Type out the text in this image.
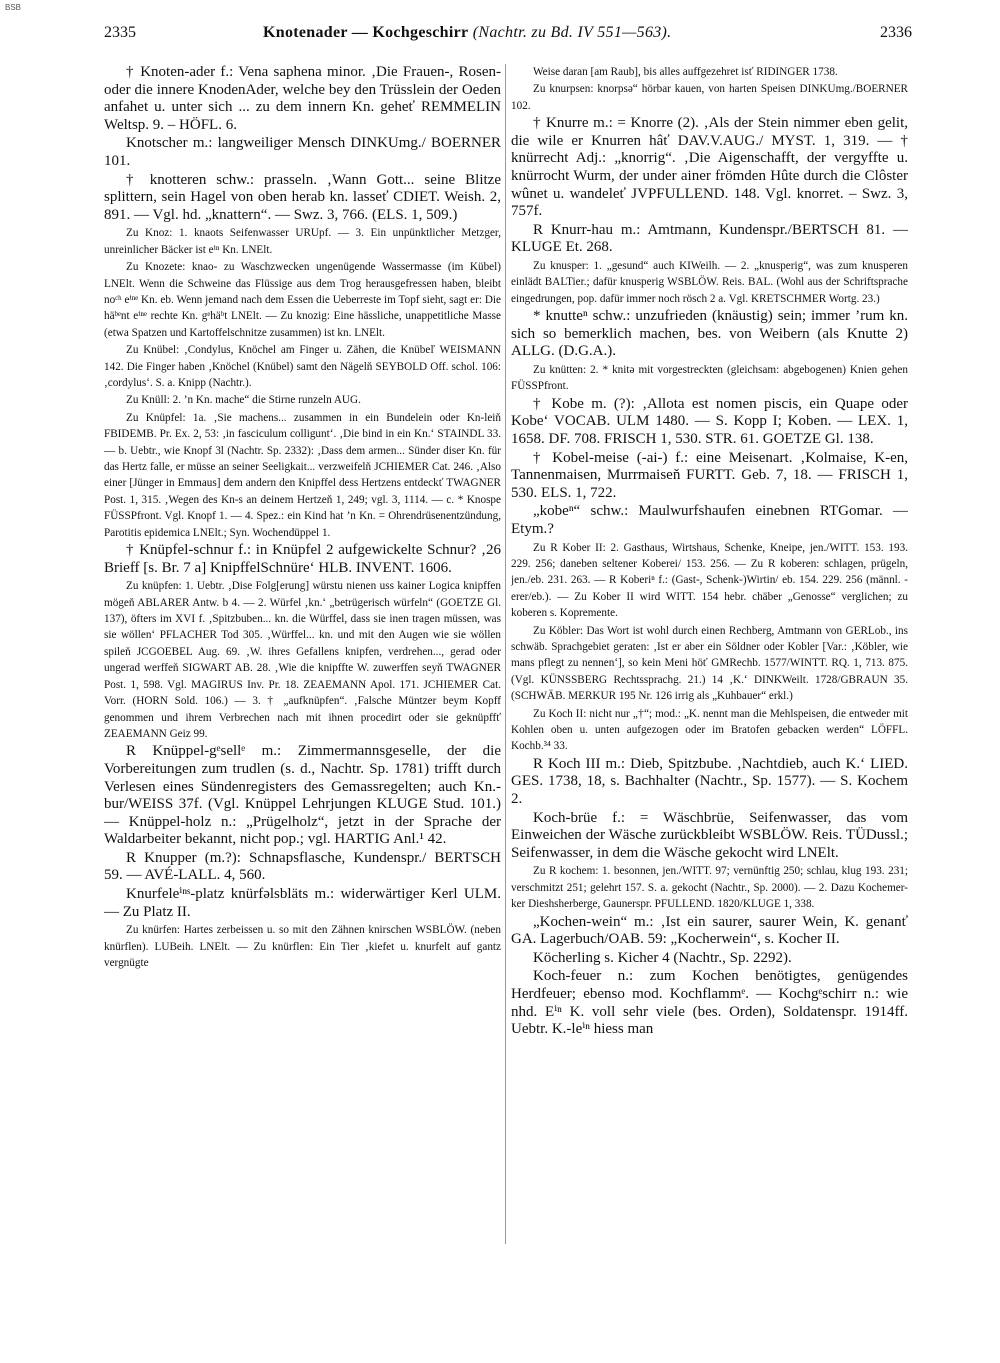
BSB
2335	Knotenader — Kochgeschirr (Nachtr. zu Bd. IV 551—563).	2336

† Knoten-ader f.: Vena saphena minor. ‚Die Frauen-, Rosen- oder die innere KnodenAder, welche bey den Trüsslein der Oeden anfahet u. unter sich ... zu dem innern Kn. geheť REMMELIN Weltsp. 9. – HÖFL. 6.

Knotscher m.: langweiliger Mensch DINKUmg./ BOERNER 101.

† knotteren schw.: prasseln. ‚Wann Gott... seine Blitze splittern, sein Hagel von oben herab kn. lasseť CDIET. Weish. 2, 891. — Vgl. hd. „knattern“. — Swz. 3, 766. (ELS. 1, 509.)

Zu Knoz: 1. knaots Seifenwasser URUpf. — 3. Ein unpünktlicher Metzger, unreinlicher Bäcker ist eⁱⁿ Kn. LNElt.

Zu Knozete: knao- zu Waschzwecken ungenügende Wassermasse (im Kübel) LNElt. Wenn die Schweine das Flüssige aus dem Trog herausgefressen haben, bleibt noᶜʰ eⁱⁿᵉ Kn. eb. Wenn jemand nach dem Essen die Ueberreste im Topf sieht, sagt er: Die häᵇᵉnt eⁱⁿᵉ rechte Kn. gᵉhäᵇt LNElt. — Zu knozig: Eine hässliche, unappetitliche Masse (etwa Spatzen und Kartoffelschnitze zusammen) ist kn. LNElt.

Zu Knübel: ‚Condylus, Knöchel am Finger u. Zähen, die Knübeľ WEISMANN 142. Die Finger haben ‚Knöchel (Knübel) samt den Nägelň SEYBOLD Off. schol. 106: ‚cordylus‘. S. a. Knipp (Nachtr.).

Zu Knüll: 2. ’n Kn. mache“ die Stirne runzeln AUG.

Zu Knüpfel: 1a. ‚Sie machens... zusammen in ein Bundelein oder Kn-leiň FBIDEMB. Pr. Ex. 2, 53: ‚in fasciculum colligunt‘. ‚Die bind in ein Kn.‘ STAINDL 33. — b. Uebtr., wie Knopf 3l (Nachtr. Sp. 2332): ‚Dass dem armen... Sünder diser Kn. für das Hertz falle, er müsse an seiner Seeligkait... verzweifelň JCHIEMER Cat. 246. ‚Also einer [Jünger in Emmaus] dem andern den Knipffel dess Hertzens entdeckť TWAGNER Post. 1, 315. ‚Wegen des Kn-s an deinem Hertzeň 1, 249; vgl. 3, 1114. — c. * Knospe FÜSSPfront. Vgl. Knopf 1. — 4. Spez.: ein Kind hat ’n Kn. = Ohrendrüsenentzündung, Parotitis epidemica LNElt.; Syn. Wochendüppel 1.

† Knüpfel-schnur f.: in Knüpfel 2 aufgewickelte Schnur? ‚26 Brieff [s. Br. 7 a] KnipffelSchnüre‘ HLB. INVENT. 1606.

Zu knüpfen: 1. Uebtr. ‚Dise Folg[erung] würstu nienen uss kainer Logica knipffen mögeň ABLARER Antw. b 4. — 2. Würfel ‚kn.‘ „betrügerisch würfeln“ (GOETZE Gl. 137), öfters im XVI f. ‚Spitzbuben... kn. die Würffel, dass sie inen tragen müssen, was sie wöllen‘ PFLACHER Tod 305. ‚Würffel... kn. und mit den Augen wie sie wöllen spileň JCGOEBEL Aug. 69. ‚W. ihres Gefallens knipfen, verdrehen..., gerad oder ungerad werffeň SIGWART AB. 28. ‚Wie die knipffte W. zuwerffen seyň TWAGNER Post. 1, 598. Vgl. MAGIRUS Inv. Pr. 18. ZEAEMANN Apol. 171. JCHIEMER Cat. Vorr. (HORN Sold. 106.) — 3. † „aufknüpfen“. ‚Falsche Müntzer beym Kopff genommen und ihrem Verbrechen nach mit ihnen procedirt oder sie geknüpffť ZEAEMANN Geiz 99.

R Knüppel-gᵉsellᵉ m.: Zimmermannsgeselle, der die Vorbereitungen zum trudlen (s. d., Nachtr. Sp. 1781) trifft durch Verlesen eines Sündenregisters des Gemassregelten; auch Kn.-bur/WEISS 37f. (Vgl. Knüppel Lehrjungen KLUGE Stud. 101.) — Knüppel-holz n.: „Prügelholz“, jetzt in der Sprache der Waldarbeiter bekannt, nicht pop.; vgl. HARTIG Anl.¹ 42.

R Knupper (m.?): Schnapsflasche, Kundenspr./ BERTSCH 59. — AVÉ-LALL. 4, 560.

Knurfeleⁱⁿˢ-platz knürfəlsbläts m.: widerwärtiger Kerl ULM. — Zu Platz II.

Zu knürfen: Hartes zerbeissen u. so mit den Zähnen knirschen WSBLÖW. (neben knürflen). LUBeih. LNElt. — Zu knürflen: Ein Tier ‚kiefet u. knurfelt auf gantz vergnügte

Weise daran [am Raub], bis alles auffgezehret isť RIDINGER 1738.

Zu knurpsen: knorpsə“ hörbar kauen, von harten Speisen DINKUmg./BOERNER 102.

† Knurre m.: = Knorre (2). ‚Als der Stein nimmer eben gelit, die wile er Knurren hâť DAV.V.AUG./ MYST. 1, 319. — † knürrecht Adj.: „knorrig“. ‚Die Aigenschafft, der vergyffte u. knürrocht Wurm, der under ainer frömden Hûte durch die Clôster wûnet u. wandeleť JVPFULLEND. 148. Vgl. knorret. – Swz. 3, 757f.

R Knurr-hau m.: Amtmann, Kundenspr./BERTSCH 81. — KLUGE Et. 268.

Zu knusper: 1. „gesund“ auch KIWeilh. — 2. „knusperig“, was zum knusperen einlädt BALTier.; dafür knusperig WSBLÖW. Reis. BAL. (Wohl aus der Schriftsprache eingedrungen, pop. dafür immer noch rösch 2 a. Vgl. KRETSCHMER Wortg. 23.)

* knuttеⁿ schw.: unzufrieden (knäustig) sein; immer ’rum kn. sich so bemerklich machen, bes. von Weibern (als Knutte 2) ALLG. (D.G.A.).

Zu knütten: 2. * knitə mit vorgestreckten (gleichsam: abgebogenen) Knien gehen FÜSSPfront.

† Kobe m. (?): ‚Allota est nomen piscis, ein Quape oder Kobe‘ VOCAB. ULM 1480. — S. Kopp I; Koben. — LEX. 1, 1658. DF. 708. FRISCH 1, 530. STR. 61. GOETZE Gl. 138.

† Kobel-meise (-ai-) f.: eine Meisenart. ‚Kolmaise, K-en, Tannenmaisen, Murrmaiseň FURTT. Geb. 7, 18. — FRISCH 1, 530. ELS. 1, 722.

„kobeⁿ“ schw.: Maulwurfshaufen einebnen RTGomar. — Etym.?

Zu R Kober II: 2. Gasthaus, Wirtshaus, Schenke, Kneipe, jen./WITT. 153. 193. 229. 256; daneben seltener Koberei/ 153. 256. — Zu R koberen: schlagen, prügeln, jen./eb. 231. 263. — R Koberiⁿ f.: (Gast-, Schenk-)Wirtin/ eb. 154. 229. 256 (männl. -erer/eb.). — Zu Kober II wird WITT. 154 hebr. chäber „Genosse“ verglichen; zu koberen s. Kopremente.

Zu Köbler: Das Wort ist wohl durch einen Rechberg, Amtmann von GERLob., ins schwäb. Sprachgebiet geraten: ‚Ist er aber ein Söldner oder Kobler [Var.: ‚Köbler, wie mans pflegt zu nennen‘], so kein Meni höť GMRechb. 1577/WINTT. RQ. 1, 713. 875. (Vgl. KÜNSSBERG Rechtssprachg. 21.) 14 ‚K.‘ DINKWeilt. 1728/GBRAUN 35. (SCHWÄB. MERKUR 195 Nr. 126 irrig als „Kuhbauer“ erkl.)

Zu Koch II: nicht nur „†“; mod.: „K. nennt man die Mehlspeisen, die entweder mit Kohlen oben u. unten aufgezogen oder im Bratofen gebacken werden“ LÖFFL. Kochb.³⁴ 33.

R Koch III m.: Dieb, Spitzbube. ‚Nachtdieb, auch K.‘ LIED. GES. 1738, 18, s. Bachhalter (Nachtr., Sp. 1577). — S. Kochem 2.

Koch-brüe f.: = Wäschbrüe, Seifenwasser, das vom Einweichen der Wäsche zurückbleibt WSBLÖW. Reis. TÜDussl.; Seifenwasser, in dem die Wäsche gekocht wird LNElt.

Zu R kochem: 1. besonnen, jen./WITT. 97; vernünftig 250; schlau, klug 193. 231; verschmitzt 251; gelehrt 157. S. a. gekocht (Nachtr., Sp. 2000). — 2. Dazu Kochemer-ker Dieshsherberge, Gaunerspr. PFULLEND. 1820/KLUGE 1, 338.

„Kochen-wein“ m.: ‚Ist ein saurer, saurer Wein, K. genanť GA. Lagerbuch/OAB. 59: „Kocherwein“, s. Kocher II.

Köcherling s. Kicher 4 (Nachtr., Sp. 2292).

Koch-feuer n.: zum Kochen benötigtes, genügendes Herdfeuer; ebenso mod. Kochflammᵉ. — Kochgᵉschirr n.: wie nhd. Eⁱⁿ K. voll sehr viele (bes. Orden), Soldatenspr. 1914ff. Uebtr. K.-leⁱⁿ hiess man
